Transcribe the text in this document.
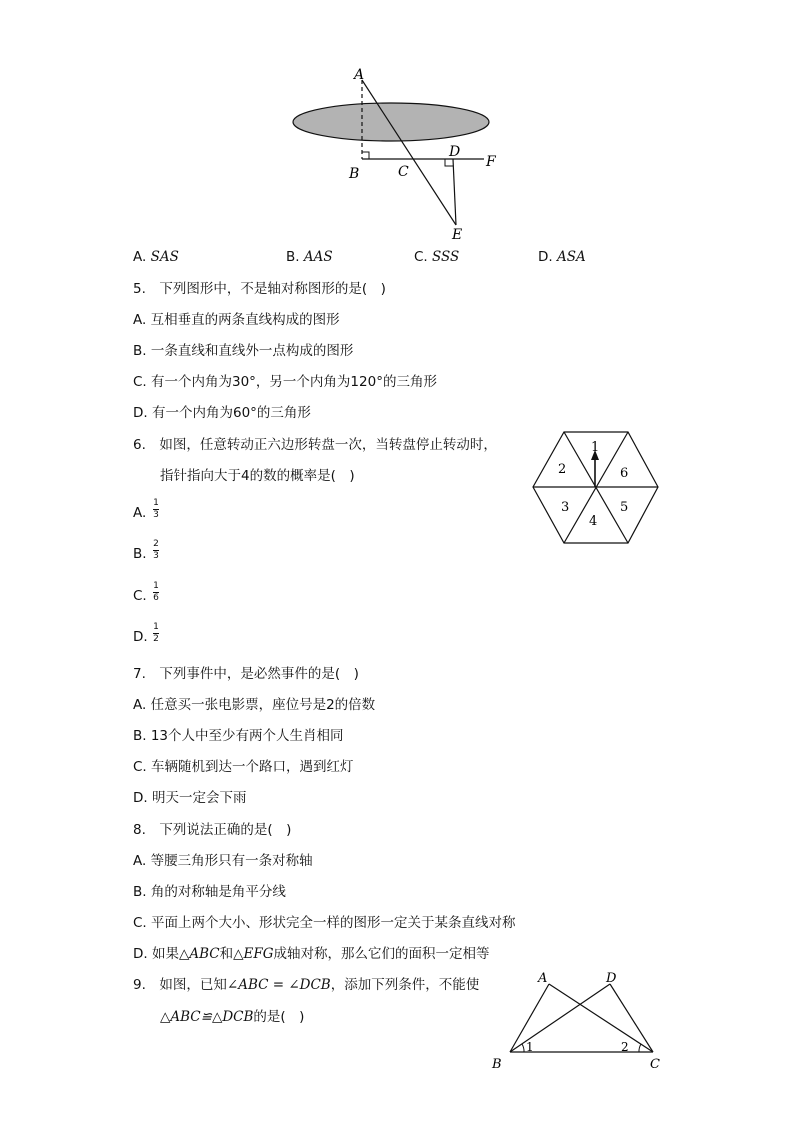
A
B	C
D
F
E
A. SAS	B. AAS	C. SSS	D. ASA
5.　下列图形中，不是轴对称图形的是(　)
A. 互相垂直的两条直线构成的图形
B. 一条直线和直线外一点构成的图形
C. 有一个内角为30°，另一个内角为120°的三角形
D. 有一个内角为60°的三角形
6.　如图，任意转动正六边形转盘一次，当转盘停止转动时，
指针指向大于4的数的概率是(　)
A.
1
3
B.
2
3
C.
1
6
D.
1
2
1
2	6
3
4
5
7.　下列事件中，是必然事件的是(　)
A. 任意买一张电影票，座位号是2的倍数
B. 13个人中至少有两个人生肖相同
C. 车辆随机到达一个路口，遇到红灯
D. 明天一定会下雨
8.　下列说法正确的是(　)
A. 等腰三角形只有一条对称轴
B. 角的对称轴是角平分线
C. 平面上两个大小、形状完全一样的图形一定关于某条直线对称
D. 如果△ABC和△EFG成轴对称，那么它们的面积一定相等
9.　如图，已知∠ABC = ∠DCB，添加下列条件，不能使
△ABC≌△DCB的是(　)
A	D
B	C
1	2
